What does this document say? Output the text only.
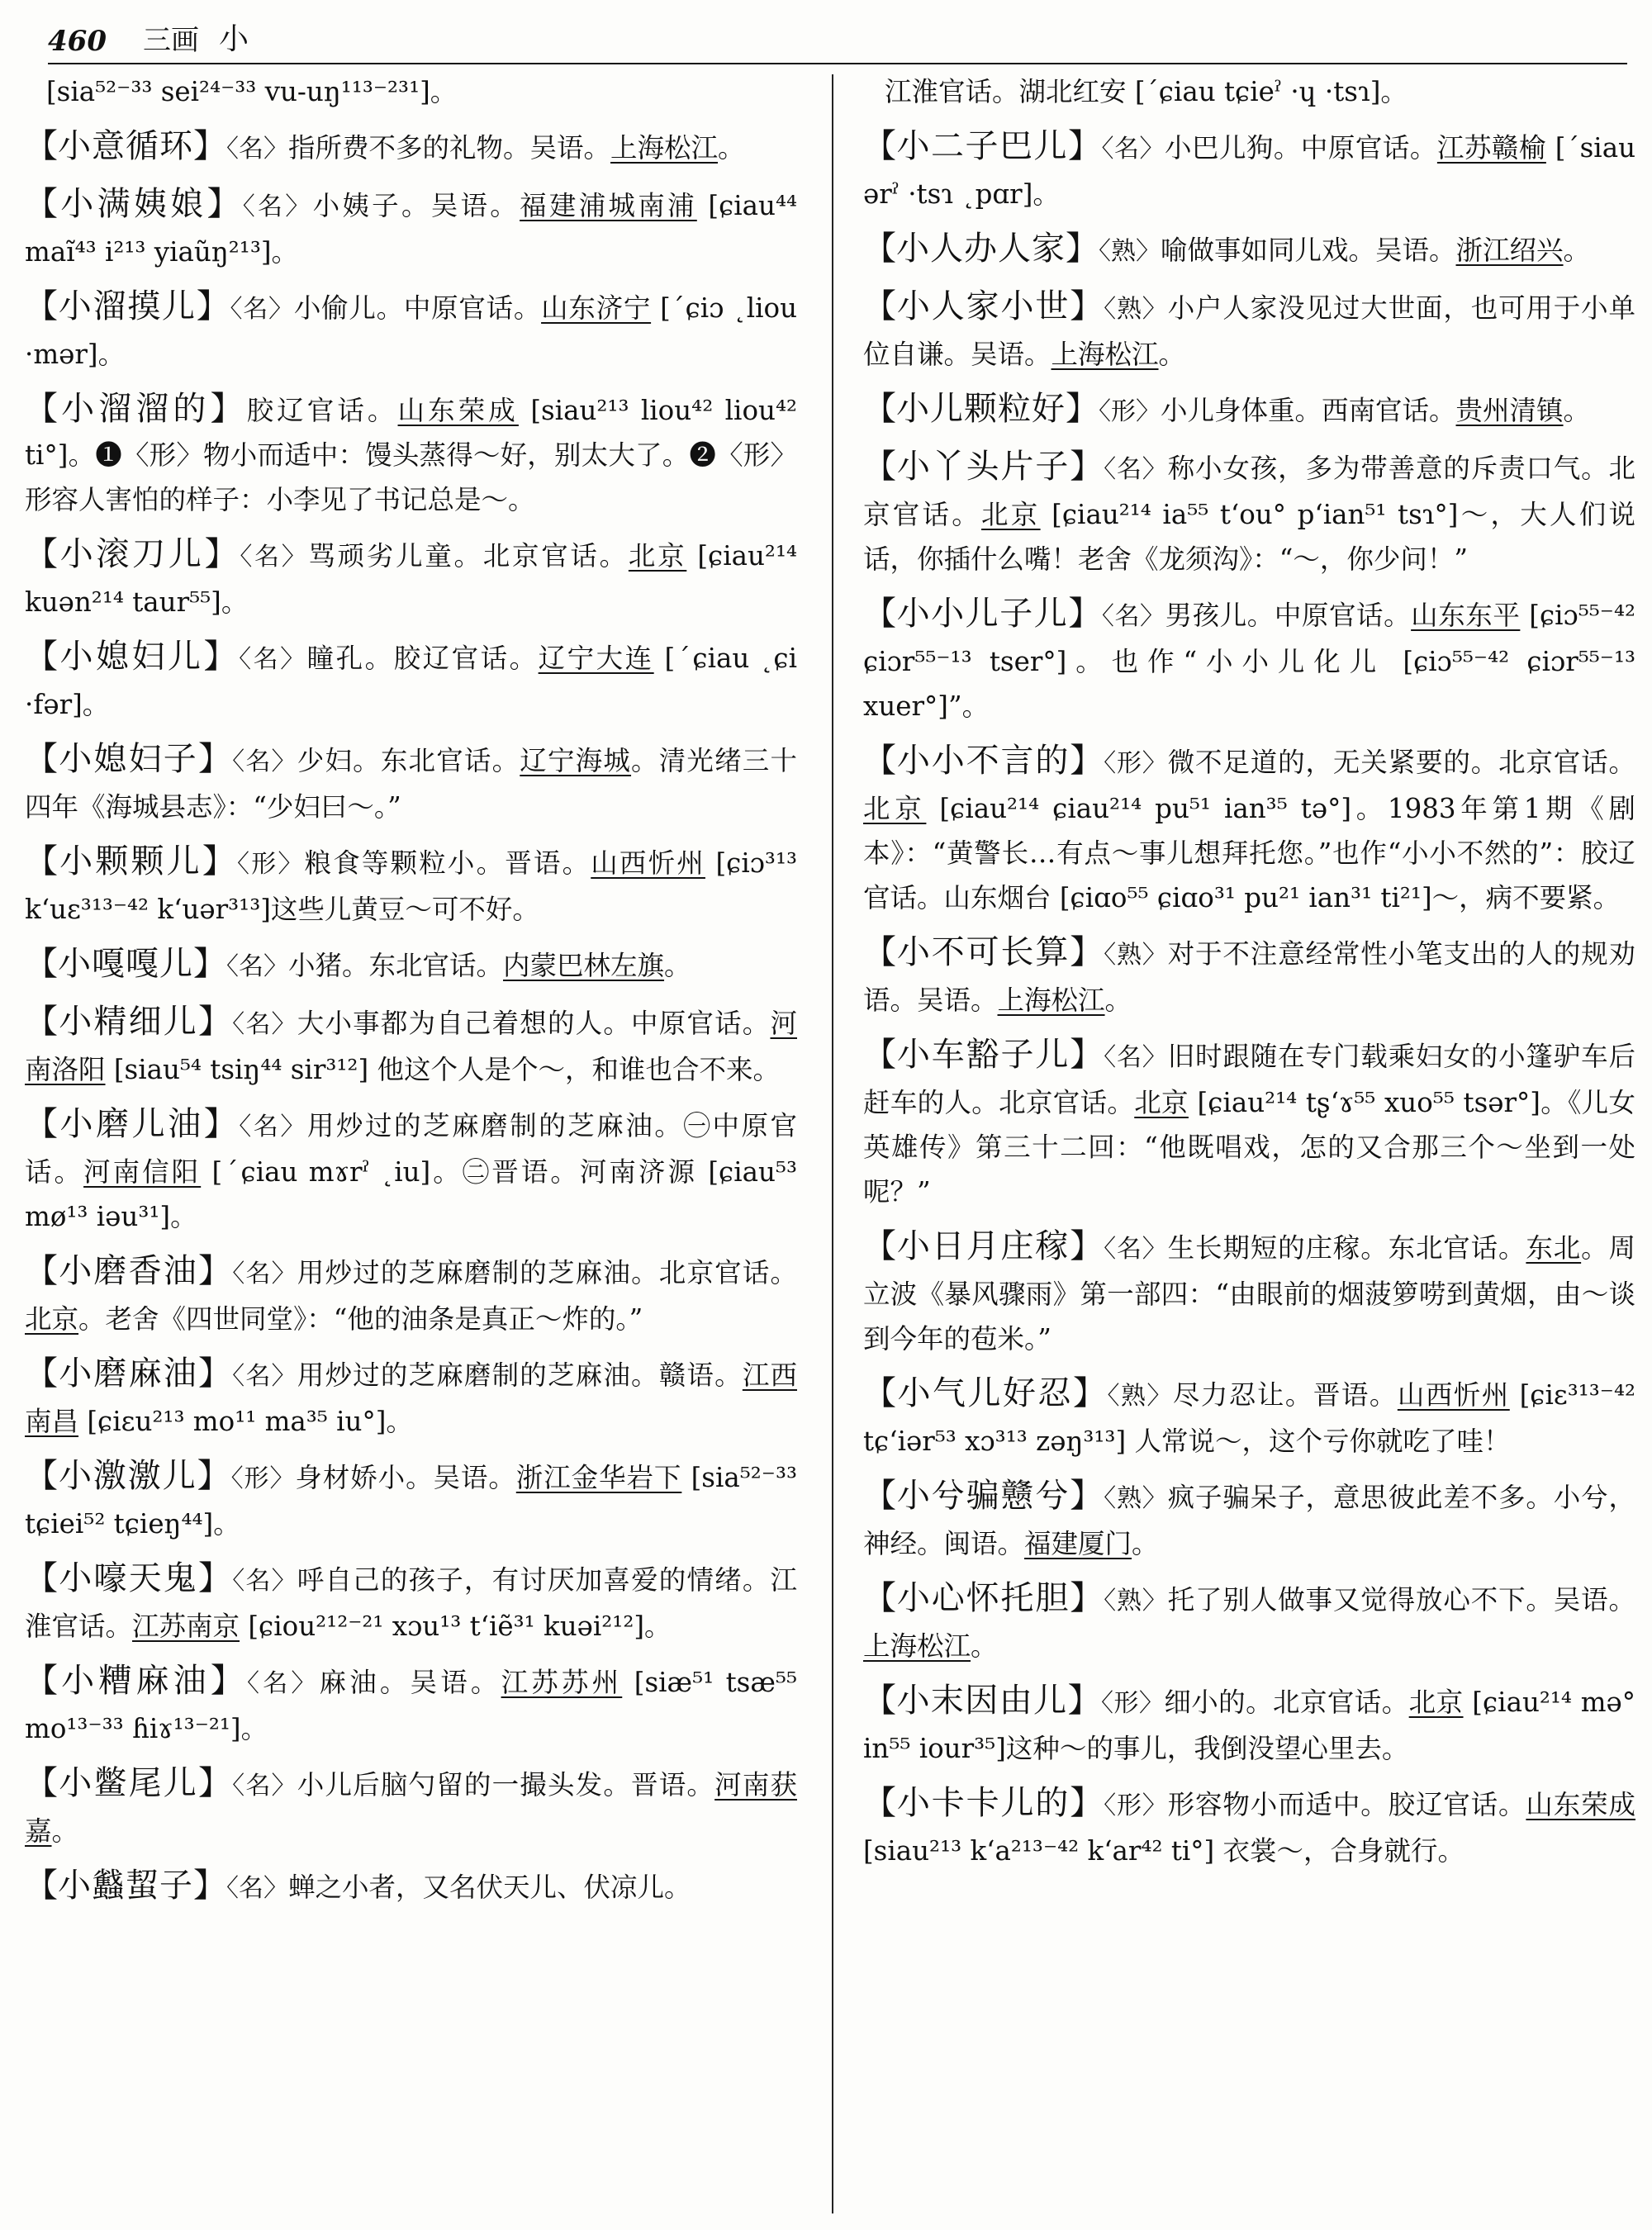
460 三画 小

[sia⁵²⁻³³ sei²⁴⁻³³ vu-uŋ¹¹³⁻²³¹]。

【小意循环】〈名〉指所费不多的礼物。吴语。上海松江。

【小满姨娘】〈名〉小姨子。吴语。福建浦城南浦 [ɕiau⁴⁴ maĩ⁴³ i²¹³ yiaũŋ²¹³]。

【小溜摸儿】〈名〉小偷儿。中原官话。山东济宁 [ˊɕiɔ ˛liou ·mər]。

【小溜溜的】胶辽官话。山东荣成 [siau²¹³ liou⁴² liou⁴² ti°]。❶〈形〉物小而适中：馒头蒸得～好，别太大了。❷〈形〉形容人害怕的样子：小李见了书记总是～。

【小滚刀儿】〈名〉骂顽劣儿童。北京官话。北京 [ɕiau²¹⁴ kuən²¹⁴ taur⁵⁵]。

【小媳妇儿】〈名〉瞳孔。胶辽官话。辽宁大连 [ˊɕiau ˛ɕi ·fər]。

【小媳妇子】〈名〉少妇。东北官话。辽宁海城。清光绪三十四年《海城县志》：“少妇曰～。”

【小颗颗儿】〈形〉粮食等颗粒小。晋语。山西忻州 [ɕiɔ³¹³ k‘uɛ³¹³⁻⁴² k‘uər³¹³]这些儿黄豆～可不好。

【小嘎嘎儿】〈名〉小猪。东北官话。内蒙巴林左旗。

【小精细儿】〈名〉大小事都为自己着想的人。中原官话。河南洛阳 [siau⁵⁴ tsiŋ⁴⁴ sir³¹²] 他这个人是个～，和谁也合不来。

【小磨儿油】〈名〉用炒过的芝麻磨制的芝麻油。㊀中原官话。河南信阳 [ˊɕiau mɤrˀ ˛iu]。㊁晋语。河南济源 [ɕiau⁵³ mø¹³ iəu³¹]。

【小磨香油】〈名〉用炒过的芝麻磨制的芝麻油。北京官话。北京。老舍《四世同堂》：“他的油条是真正～炸的。”

【小磨麻油】〈名〉用炒过的芝麻磨制的芝麻油。赣语。江西南昌 [ɕiɛu²¹³ mo¹¹ ma³⁵ iu°]。

【小激激儿】〈形〉身材娇小。吴语。浙江金华岩下 [sia⁵²⁻³³ tɕiei⁵² tɕieŋ⁴⁴]。

【小嚎天鬼】〈名〉呼自己的孩子，有讨厌加喜爱的情绪。江淮官话。江苏南京 [ɕiou²¹²⁻²¹ xɔu¹³ t‘iẽ³¹ kuəi²¹²]。

【小糟麻油】〈名〉麻油。吴语。江苏苏州 [siæ⁵¹ tsæ⁵⁵ mo¹³⁻³³ ɦiɤ¹³⁻²¹]。

【小鳖尾儿】〈名〉小儿后脑勺留的一撮头发。晋语。河南获嘉。

【小蠽蛪子】〈名〉蝉之小者，又名伏天儿、伏凉儿。

江淮官话。湖北红安 [ˊɕiau tɕieˀ ·ɥ ·tsɿ]。

【小二子巴儿】〈名〉小巴儿狗。中原官话。江苏赣榆 [ˊsiau ərˀ ·tsɿ ˛pɑr]。

【小人办人家】〈熟〉喻做事如同儿戏。吴语。浙江绍兴。

【小人家小世】〈熟〉小户人家没见过大世面，也可用于小单位自谦。吴语。上海松江。

【小儿颗粒好】〈形〉小儿身体重。西南官话。贵州清镇。

【小丫头片子】〈名〉称小女孩，多为带善意的斥责口气。北京官话。北京 [ɕiau²¹⁴ ia⁵⁵ t‘ou° p‘ian⁵¹ tsɿ°]～，大人们说话，你插什么嘴！老舍《龙须沟》：“～，你少问！”

【小小儿子儿】〈名〉男孩儿。中原官话。山东东平 [ɕiɔ⁵⁵⁻⁴² ɕiɔr⁵⁵⁻¹³ tser°]。也作“小小儿化儿 [ɕiɔ⁵⁵⁻⁴² ɕiɔr⁵⁵⁻¹³ xuer°]”。

【小小不言的】〈形〉微不足道的，无关紧要的。北京官话。北京 [ɕiau²¹⁴ ɕiau²¹⁴ pu⁵¹ ian³⁵ tə°]。1983年第1期《剧本》：“黄警长…有点～事儿想拜托您。”也作“小小不然的”：胶辽官话。山东烟台 [ɕiɑo⁵⁵ ɕiɑo³¹ pu²¹ ian³¹ ti²¹]～，病不要紧。

【小不可长算】〈熟〉对于不注意经常性小笔支出的人的规劝语。吴语。上海松江。

【小车豁子儿】〈名〉旧时跟随在专门载乘妇女的小篷驴车后赶车的人。北京官话。北京 [ɕiau²¹⁴ tʂ‘ɤ⁵⁵ xuo⁵⁵ tsər°]。《儿女英雄传》第三十二回：“他既唱戏，怎的又合那三个～坐到一处呢？”

【小日月庄稼】〈名〉生长期短的庄稼。东北官话。东北。周立波《暴风骤雨》第一部四：“由眼前的烟菠箩唠到黄烟，由～谈到今年的苞米。”

【小气儿好忍】〈熟〉尽力忍让。晋语。山西忻州 [ɕiɛ³¹³⁻⁴² tɕ‘iər⁵³ xɔ³¹³ zəŋ³¹³] 人常说～，这个亏你就吃了哇！

【小兮骗戆兮】〈熟〉疯子骗呆子，意思彼此差不多。小兮，神经。闽语。福建厦门。

【小心怀托胆】〈熟〉托了别人做事又觉得放心不下。吴语。上海松江。

【小末因由儿】〈形〉细小的。北京官话。北京 [ɕiau²¹⁴ mə° in⁵⁵ iour³⁵]这种～的事儿，我倒没望心里去。

【小卡卡儿的】〈形〉形容物小而适中。胶辽官话。山东荣成 [siau²¹³ k‘a²¹³⁻⁴² k‘ar⁴² ti°] 衣裳～，合身就行。
